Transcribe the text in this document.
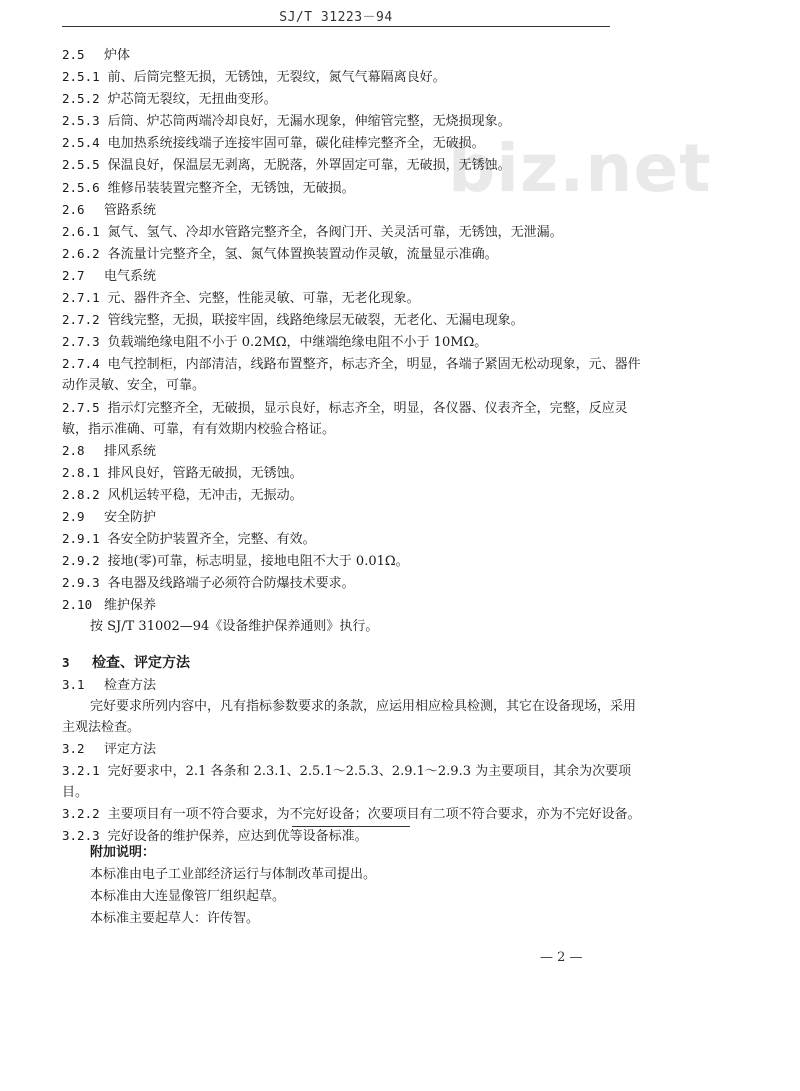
SJ/T 31223－94
biz.net
2.5 炉体
2.5.1 前、后筒完整无损，无锈蚀，无裂纹，氮气气幕隔离良好。
2.5.2 炉芯筒无裂纹，无扭曲变形。
2.5.3 后筒、炉芯筒两端冷却良好，无漏水现象，伸缩管完整，无烧损现象。
2.5.4 电加热系统接线端子连接牢固可靠，碳化硅棒完整齐全，无破损。
2.5.5 保温良好，保温层无剥离，无脱落，外罩固定可靠，无破损，无锈蚀。
2.5.6 维修吊装装置完整齐全，无锈蚀，无破损。
2.6 管路系统
2.6.1 氮气、氢气、冷却水管路完整齐全，各阀门开、关灵活可靠，无锈蚀，无泄漏。
2.6.2 各流量计完整齐全，氢、氮气体置换装置动作灵敏，流量显示准确。
2.7 电气系统
2.7.1 元、器件齐全、完整，性能灵敏、可靠，无老化现象。
2.7.2 管线完整，无损，联接牢固，线路绝缘层无破裂，无老化、无漏电现象。
2.7.3 负载端绝缘电阻不小于 0.2MΩ，中继端绝缘电阻不小于 10MΩ。
2.7.4 电气控制柜，内部清洁，线路布置整齐，标志齐全，明显，各端子紧固无松动现象，元、器件动作灵敏、安全，可靠。
2.7.5 指示灯完整齐全，无破损，显示良好，标志齐全，明显，各仪器、仪表齐全，完整，反应灵敏，指示准确、可靠，有有效期内校验合格证。
2.8 排风系统
2.8.1 排风良好，管路无破损，无锈蚀。
2.8.2 风机运转平稳，无冲击，无振动。
2.9 安全防护
2.9.1 各安全防护装置齐全，完整、有效。
2.9.2 接地(零)可靠，标志明显，接地电阻不大于 0.01Ω。
2.9.3 各电器及线路端子必须符合防爆技术要求。
2.10 维护保养
按 SJ/T 31002—94《设备维护保养通则》执行。
3 检查、评定方法
3.1 检查方法
完好要求所列内容中，凡有指标参数要求的条款，应运用相应检具检测，其它在设备现场，采用主观法检查。
3.2 评定方法
3.2.1 完好要求中，2.1 各条和 2.3.1、2.5.1～2.5.3、2.9.1～2.9.3 为主要项目，其余为次要项目。
3.2.2 主要项目有一项不符合要求，为不完好设备；次要项目有二项不符合要求，亦为不完好设备。
3.2.3 完好设备的维护保养，应达到优等设备标准。
附加说明：
本标准由电子工业部经济运行与体制改革司提出。
本标准由大连显像管厂组织起草。
本标准主要起草人：许传智。
— 2 —
